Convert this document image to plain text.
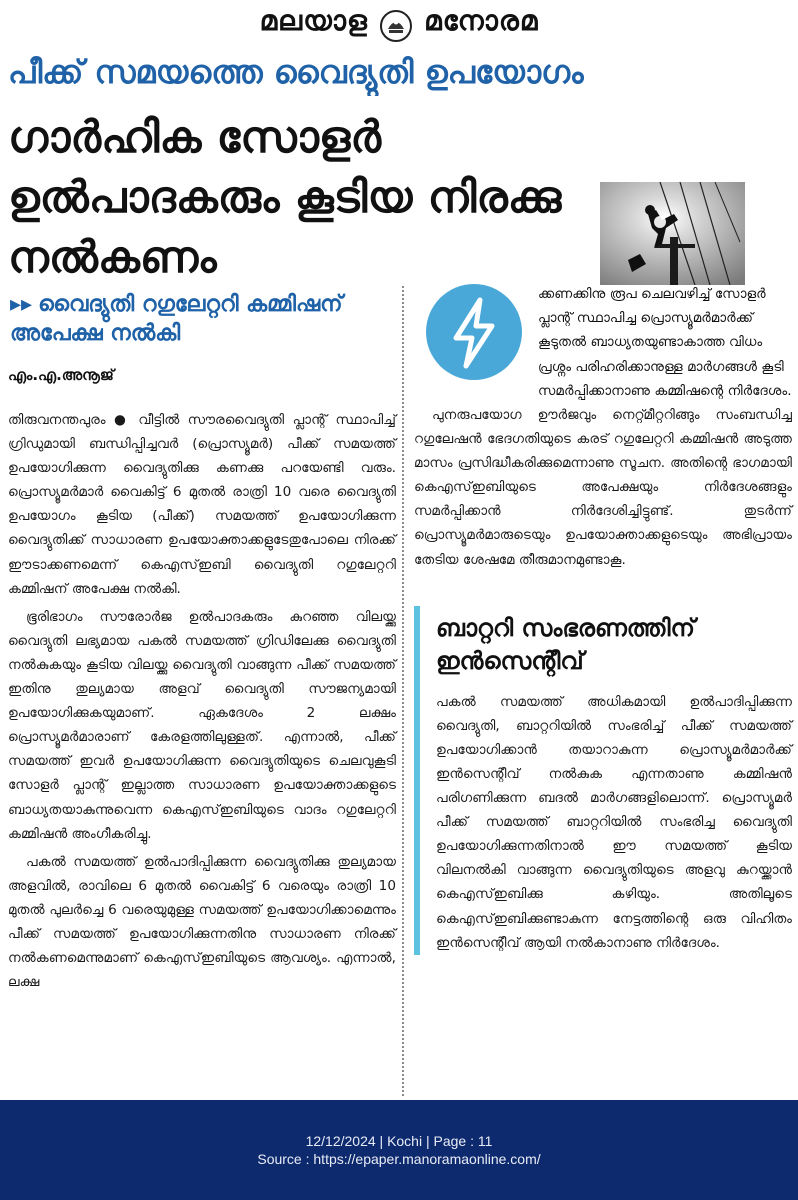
മലയാള മനോരമ
പീക്ക് സമയത്തെ വൈദ്യുതി ഉപയോഗം
ഗാർഹിക സോളർ ഉൽപാദകരും കൂടിയ നിരക്കു നൽകണം
▸▸ വൈദ്യുതി റഗുലേറ്ററി കമ്മിഷന് അപേക്ഷ നൽകി
എം.എ.അനൂജ്

തിരുവനന്തപുരം ● വീട്ടിൽ സൗരവൈദ്യുതി പ്ലാന്റ് സ്ഥാപിച്ച് ഗ്രിഡുമായി ബന്ധിപ്പിച്ചവർ (പ്രൊസ്യൂമർ) പീക്ക് സമയത്ത് ഉപയോഗിക്കുന്ന വൈദ്യുതിക്കു കണക്കു പറയേണ്ടി വരും. പ്രൊസ്യൂമർമാർ വൈകിട്ട് 6 മുതൽ രാത്രി 10 വരെ വൈദ്യുതി ഉപയോഗം കൂടിയ (പീക്ക്) സമയത്ത് ഉപയോഗിക്കുന്ന വൈദ്യുതിക്ക് സാധാരണ ഉപയോക്താക്കളുടേതുപോലെ നിരക്ക് ഈടാക്കണമെന്ന് കെഎസ്ഇബി വൈദ്യുതി റഗുലേറ്ററി കമ്മിഷന് അപേക്ഷ നൽകി.

ഭൂരിഭാഗം സൗരോർജ ഉൽപാദകരും കുറഞ്ഞ വിലയ്ക്കു വൈദ്യുതി ലഭ്യമായ പകൽ സമയത്ത് ഗ്രിഡിലേക്കു വൈദ്യുതി നൽകുകയും കൂടിയ വിലയ്ക്കു വൈദ്യുതി വാങ്ങുന്ന പീക്ക് സമയത്ത് ഇതിനു തുല്യമായ അളവ് വൈദ്യുതി സൗജന്യമായി ഉപയോഗിക്കുകയുമാണ്. ഏകദേശം 2 ലക്ഷം പ്രൊസ്യൂമർമാരാണ് കേരളത്തിലുള്ളത്. എന്നാൽ, പീക്ക് സമയത്ത് ഇവർ ഉപയോഗിക്കുന്ന വൈദ്യുതിയുടെ ചെലവുകൂടി സോളർ പ്ലാന്റ് ഇല്ലാത്ത സാധാരണ ഉപയോക്താക്കളുടെ ബാധ്യതയാകുന്നുവെന്ന കെഎസ്ഇബിയുടെ വാദം റഗുലേറ്ററി കമ്മിഷൻ അംഗീകരിച്ചു.

പകൽ സമയത്ത് ഉൽപാദിപ്പിക്കുന്ന വൈദ്യുതിക്കു തുല്യമായ അളവിൽ, രാവിലെ 6 മുതൽ വൈകിട്ട് 6 വരെയും രാത്രി 10 മുതൽ പുലർച്ചെ 6 വരെയുമുള്ള സമയത്ത് ഉപയോഗിക്കാമെന്നും പീക്ക് സമയത്ത് ഉപയോഗിക്കുന്നതിനു സാധാരണ നിരക്ക് നൽകണമെന്നുമാണ് കെഎസ്ഇബിയുടെ ആവശ്യം. എന്നാൽ, ലക്ഷ

ക്കണക്കിനു രൂപ ചെലവഴിച്ച് സോളർ പ്ലാന്റ് സ്ഥാപിച്ച പ്രൊസ്യൂമർമാർക്ക് കൂടുതൽ ബാധ്യതയുണ്ടാകാത്ത വിധം പ്രശ്നം പരിഹരിക്കാനുള്ള മാർഗങ്ങൾ കൂടി സമർപ്പിക്കാനാണു കമ്മിഷന്റെ നിർദേശം.

പുനരുപയോഗ ഊർജവും നെറ്റ്മീറ്ററിങ്ങും സംബന്ധിച്ച റഗുലേഷൻ ഭേദഗതിയുടെ കരട് റഗുലേറ്ററി കമ്മിഷൻ അടുത്ത മാസം പ്രസിദ്ധീകരിക്കുമെന്നാണു സൂചന. അതിന്റെ ഭാഗമായി കെഎസ്ഇബിയുടെ അപേക്ഷയും നിർദേശങ്ങളും സമർപ്പിക്കാൻ നിർദേശിച്ചിട്ടുണ്ട്. തുടർന്ന് പ്രൊസ്യൂമർമാരുടെയും ഉപയോക്താക്കളുടെയും അഭിപ്രായം തേടിയ ശേഷമേ തീരുമാനമുണ്ടാകൂ.

ബാറ്ററി സംഭരണത്തിന് ഇൻസെന്റീവ്

പകൽ സമയത്ത് അധികമായി ഉൽപാദിപ്പിക്കുന്ന വൈദ്യുതി, ബാറ്ററിയിൽ സംഭരിച്ച് പീക്ക് സമയത്ത് ഉപയോഗിക്കാൻ തയാറാകുന്ന പ്രൊസ്യൂമർമാർക്ക് ഇൻസെന്റീവ് നൽകുക എന്നതാണു കമ്മിഷൻ പരിഗണിക്കുന്ന ബദൽ മാർഗങ്ങളിലൊന്ന്. പ്രൊസ്യൂമർ പീക്ക് സമയത്ത് ബാറ്ററിയിൽ സംഭരിച്ച വൈദ്യുതി ഉപയോഗിക്കുന്നതിനാൽ ഈ സമയത്ത് കൂടിയ വിലനൽകി വാങ്ങുന്ന വൈദ്യുതിയുടെ അളവു കുറയ്ക്കാൻ കെഎസ്ഇബിക്കു കഴിയും. അതിലൂടെ കെഎസ്ഇബിക്കുണ്ടാകുന്ന നേട്ടത്തിന്റെ ഒരു വിഹിതം ഇൻസെന്റീവ് ആയി നൽകാനാണു നിർദേശം.

12/12/2024 | Kochi | Page : 11
Source : https://epaper.manoramaonline.com/
